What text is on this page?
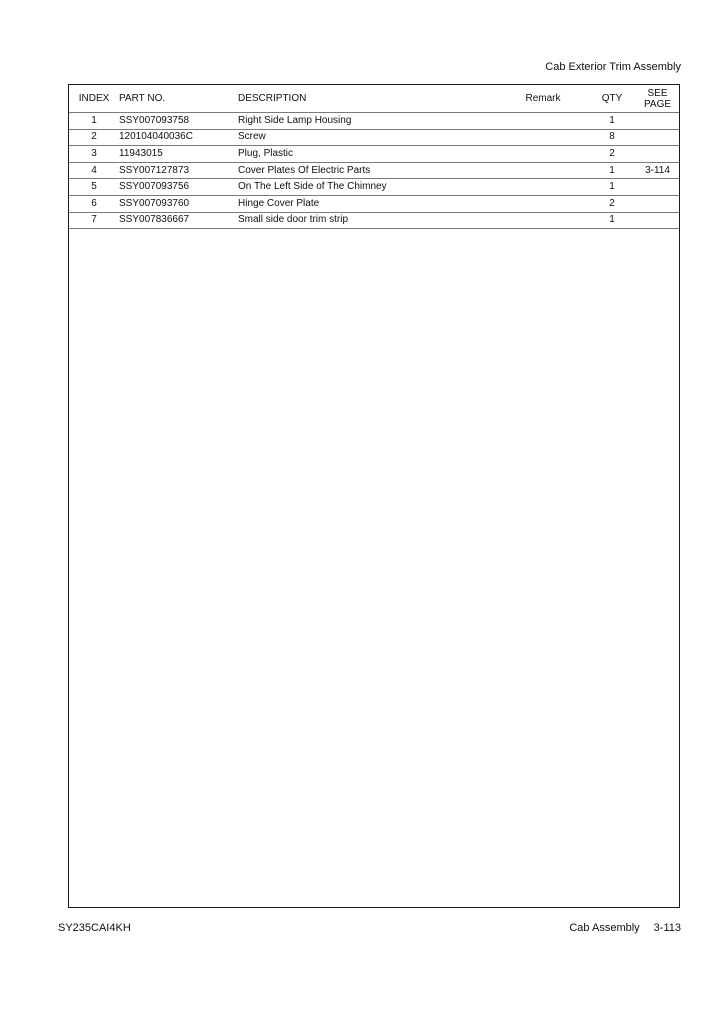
Cab Exterior Trim Assembly
INDEX	PART NO.	DESCRIPTION	Remark	QTY	SEE
PAGE

1	SSY007093758	Right Side Lamp Housing		1	
2	120104040036C	Screw		8	
3	11943015	Plug, Plastic		2	
4	SSY007127873	Cover Plates Of Electric Parts		1	3-114
5	SSY007093756	On The Left Side of The Chimney		1	
6	SSY007093760	Hinge Cover Plate		2	
7	SSY007836667	Small side door trim strip		1	
SY235CAI4KH	Cab Assembly 3-113
